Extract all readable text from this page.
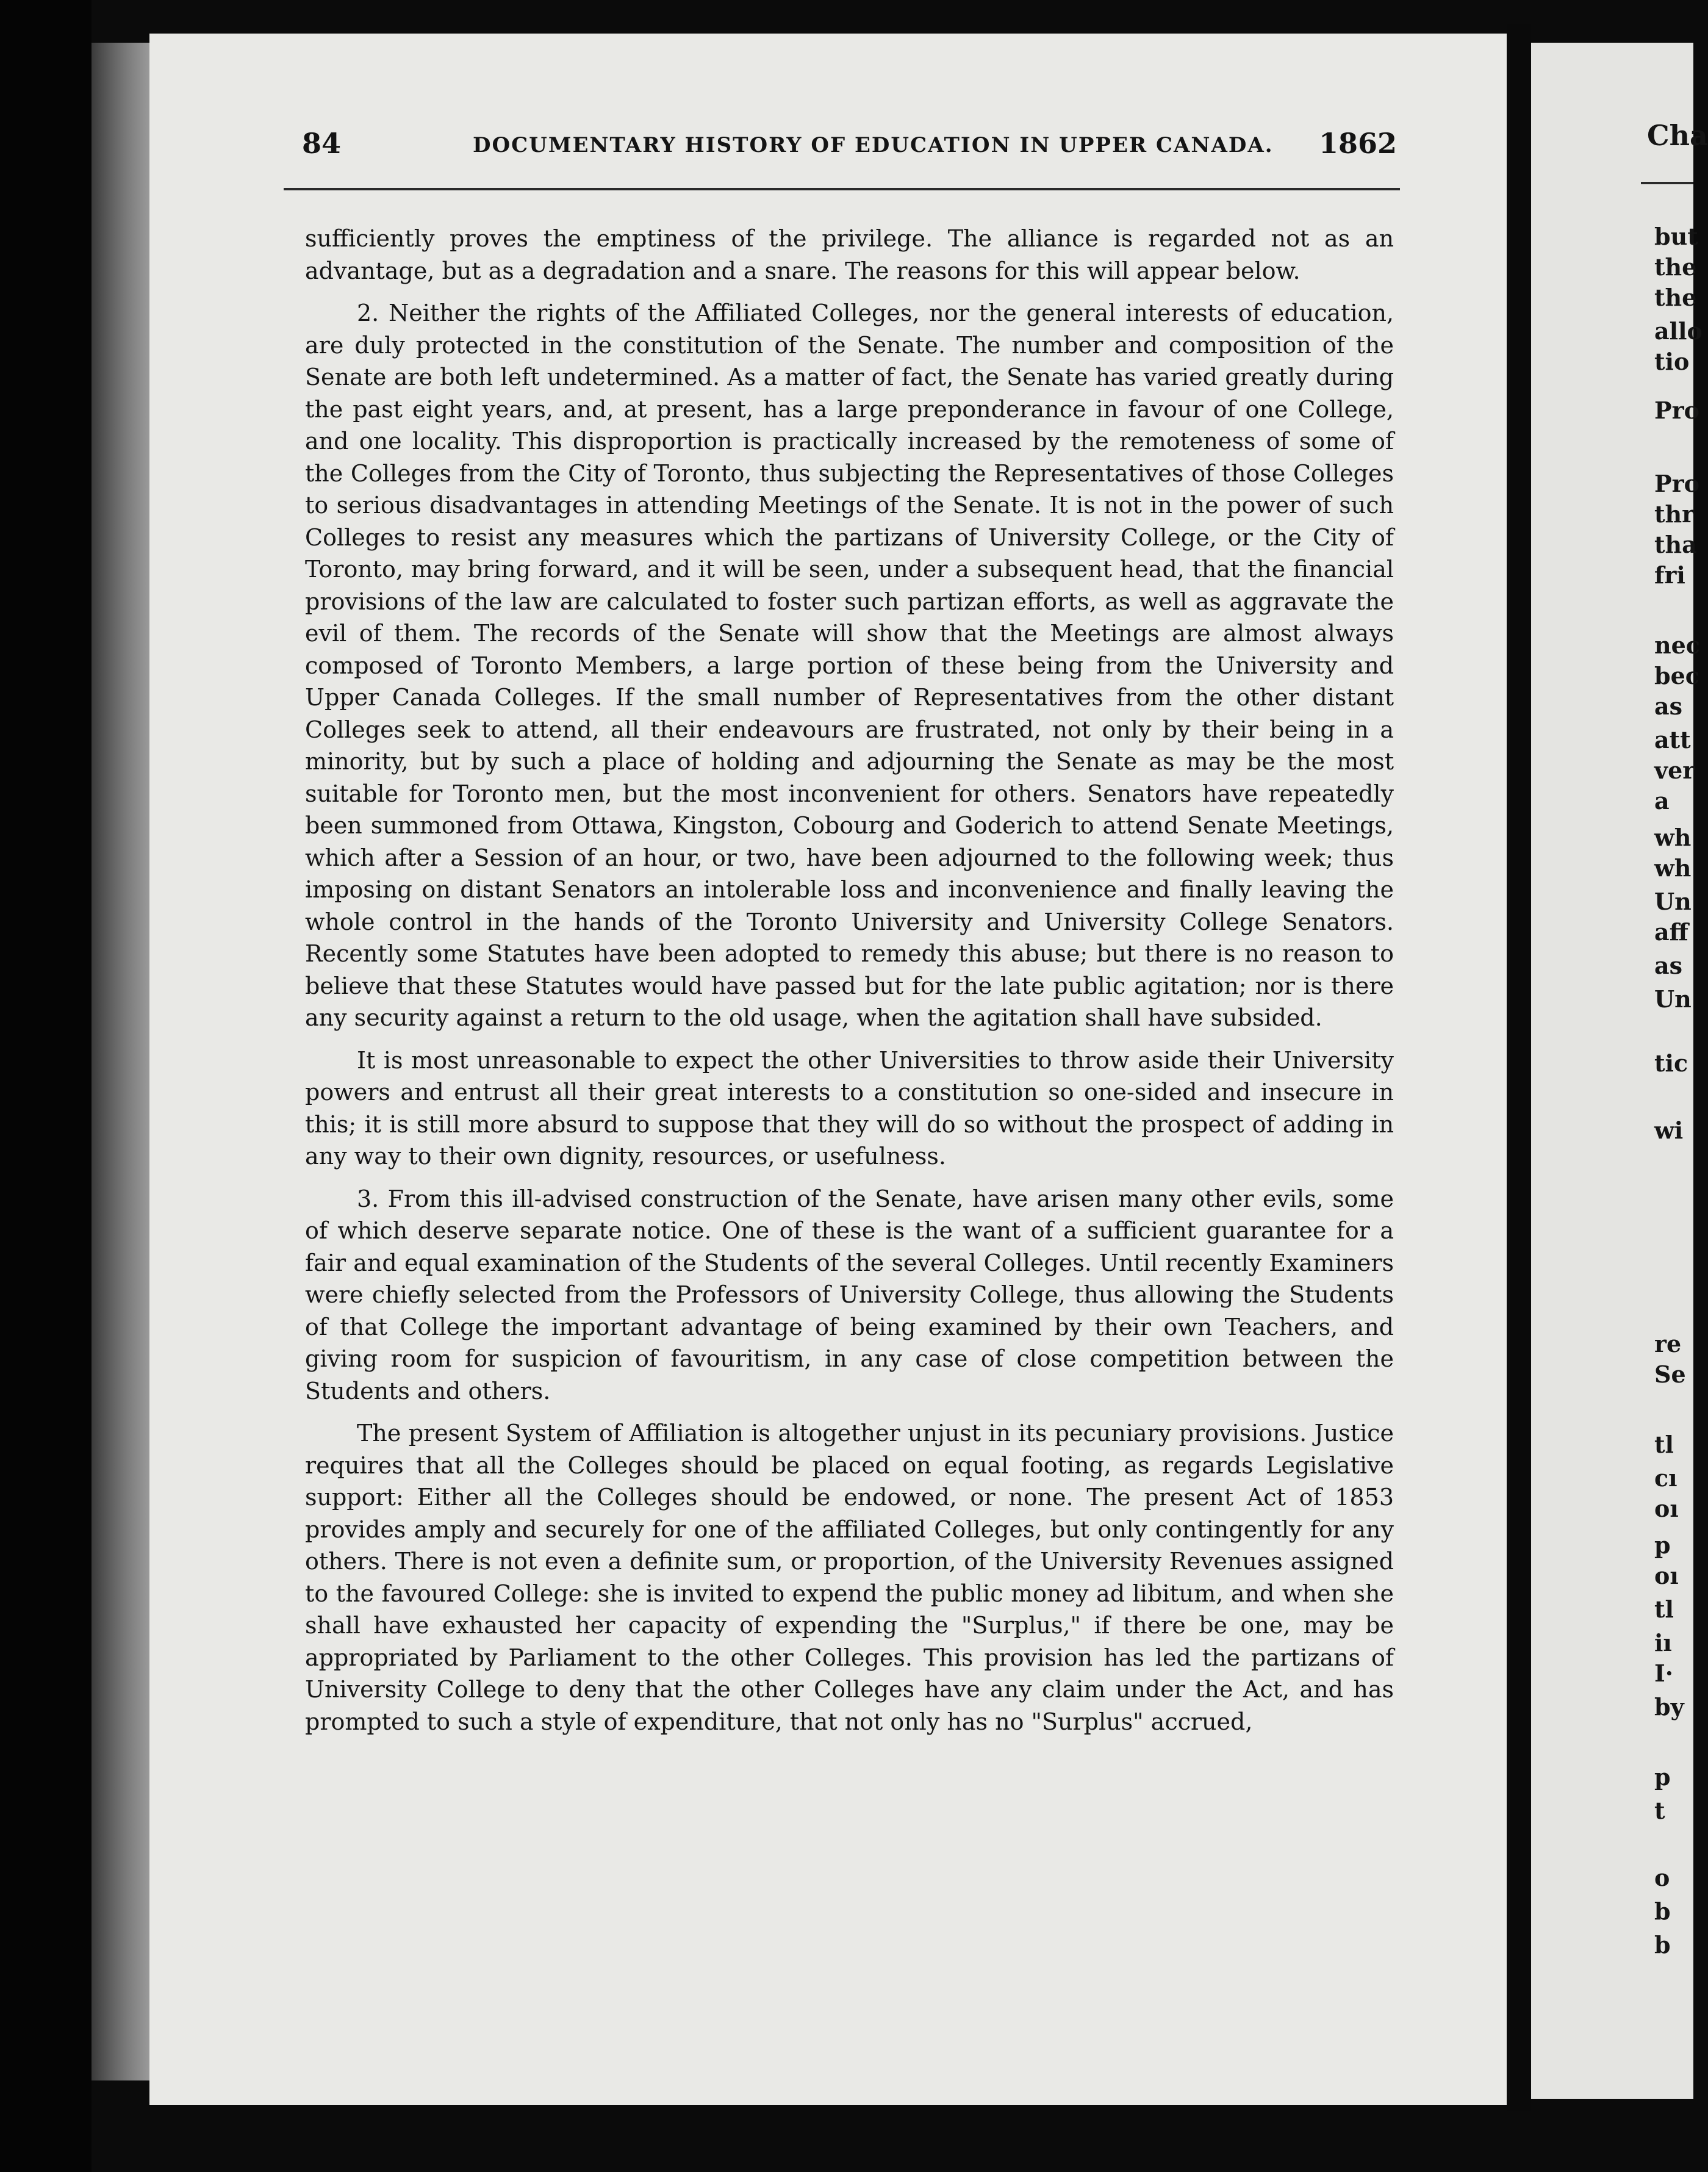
Cha
but
the
the
allo
tio
Pro
Pro
thr
tha
fri
nec
bec
as
att
ver
a
wh
wh
Un
aff
as
Un
tic
wi
re
Se
tl
cı
oı
p
oı
tl
iı
I·
by
p
t
o
b
b
84	DOCUMENTARY HISTORY OF EDUCATION IN UPPER CANADA. 1862

sufficiently proves the emptiness of the privilege. The alliance is regarded not as an advantage, but as a degradation and a snare. The reasons for this will appear below.

2. Neither the rights of the Affiliated Colleges, nor the general interests of education, are duly protected in the constitution of the Senate. The number and composition of the Senate are both left undetermined. As a matter of fact, the Senate has varied greatly during the past eight years, and, at present, has a large preponderance in favour of one College, and one locality. This disproportion is practically increased by the remoteness of some of the Colleges from the City of Toronto, thus subjecting the Representatives of those Colleges to serious disadvantages in attending Meetings of the Senate. It is not in the power of such Colleges to resist any measures which the partizans of University College, or the City of Toronto, may bring forward, and it will be seen, under a subsequent head, that the financial provisions of the law are calculated to foster such partizan efforts, as well as aggravate the evil of them. The records of the Senate will show that the Meetings are almost always composed of Toronto Members, a large portion of these being from the University and Upper Canada Colleges. If the small number of Representatives from the other distant Colleges seek to attend, all their endeavours are frustrated, not only by their being in a minority, but by such a place of holding and adjourning the Senate as may be the most suitable for Toronto men, but the most inconvenient for others. Senators have repeatedly been summoned from Ottawa, Kingston, Cobourg and Goderich to attend Senate Meetings, which after a Session of an hour, or two, have been adjourned to the following week; thus imposing on distant Senators an intolerable loss and inconvenience and finally leaving the whole control in the hands of the Toronto University and University College Senators. Recently some Statutes have been adopted to remedy this abuse; but there is no reason to believe that these Statutes would have passed but for the late public agitation; nor is there any security against a return to the old usage, when the agitation shall have subsided.

It is most unreasonable to expect the other Universities to throw aside their University powers and entrust all their great interests to a constitution so one-sided and insecure in this; it is still more absurd to suppose that they will do so without the prospect of adding in any way to their own dignity, resources, or usefulness.

3. From this ill-advised construction of the Senate, have arisen many other evils, some of which deserve separate notice. One of these is the want of a sufficient guarantee for a fair and equal examination of the Students of the several Colleges. Until recently Examiners were chiefly selected from the Professors of University College, thus allowing the Students of that College the important advantage of being examined by their own Teachers, and giving room for suspicion of favouritism, in any case of close competition between the Students and others.

The present System of Affiliation is altogether unjust in its pecuniary provisions. Justice requires that all the Colleges should be placed on equal footing, as regards Legislative support: Either all the Colleges should be endowed, or none. The present Act of 1853 provides amply and securely for one of the affiliated Colleges, but only contingently for any others. There is not even a definite sum, or proportion, of the University Revenues assigned to the favoured College: she is invited to expend the public money ad libitum, and when she shall have exhausted her capacity of expending the "Surplus," if there be one, may be appropriated by Parliament to the other Colleges. This provision has led the partizans of University College to deny that the other Colleges have any claim under the Act, and has prompted to such a style of expenditure, that not only has no "Surplus" accrued,
